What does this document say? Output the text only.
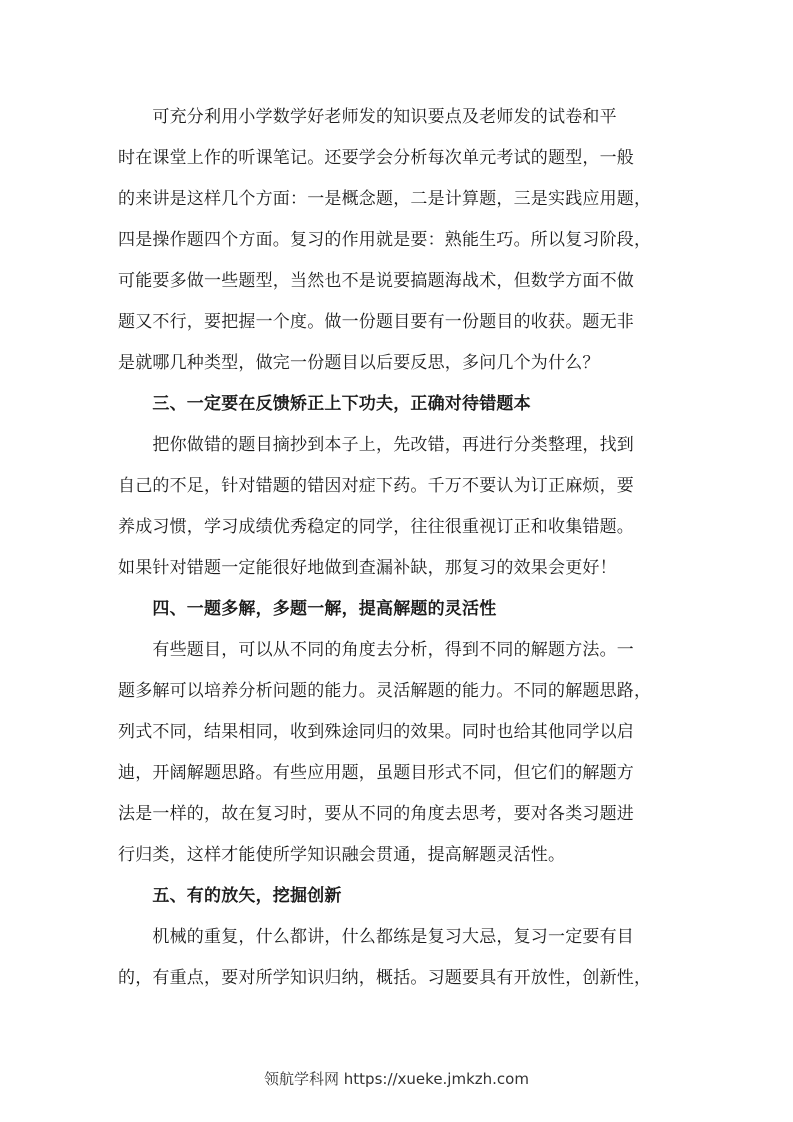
　　可充分利用小学数学好老师发的知识要点及老师发的试卷和平
时在课堂上作的听课笔记。还要学会分析每次单元考试的题型，一般
的来讲是这样几个方面：一是概念题，二是计算题，三是实践应用题，
四是操作题四个方面。复习的作用就是要：熟能生巧。所以复习阶段，
可能要多做一些题型，当然也不是说要搞题海战术，但数学方面不做
题又不行，要把握一个度。做一份题目要有一份题目的收获。题无非
是就哪几种类型，做完一份题目以后要反思，多问几个为什么？
　　三、一定要在反馈矫正上下功夫，正确对待错题本
　　把你做错的题目摘抄到本子上，先改错，再进行分类整理，找到
自己的不足，针对错题的错因对症下药。千万不要认为订正麻烦，要
养成习惯，学习成绩优秀稳定的同学，往往很重视订正和收集错题。
如果针对错题一定能很好地做到查漏补缺，那复习的效果会更好！
　　四、一题多解，多题一解，提高解题的灵活性
　　有些题目，可以从不同的角度去分析，得到不同的解题方法。一
题多解可以培养分析问题的能力。灵活解题的能力。不同的解题思路，
列式不同，结果相同，收到殊途同归的效果。同时也给其他同学以启
迪，开阔解题思路。有些应用题，虽题目形式不同，但它们的解题方
法是一样的，故在复习时，要从不同的角度去思考，要对各类习题进
行归类，这样才能使所学知识融会贯通，提高解题灵活性。
　　五、有的放矢，挖掘创新
　　机械的重复，什么都讲，什么都练是复习大忌，复习一定要有目
的，有重点，要对所学知识归纳，概括。习题要具有开放性，创新性，
领航学科网 https://xueke.jmkzh.com
